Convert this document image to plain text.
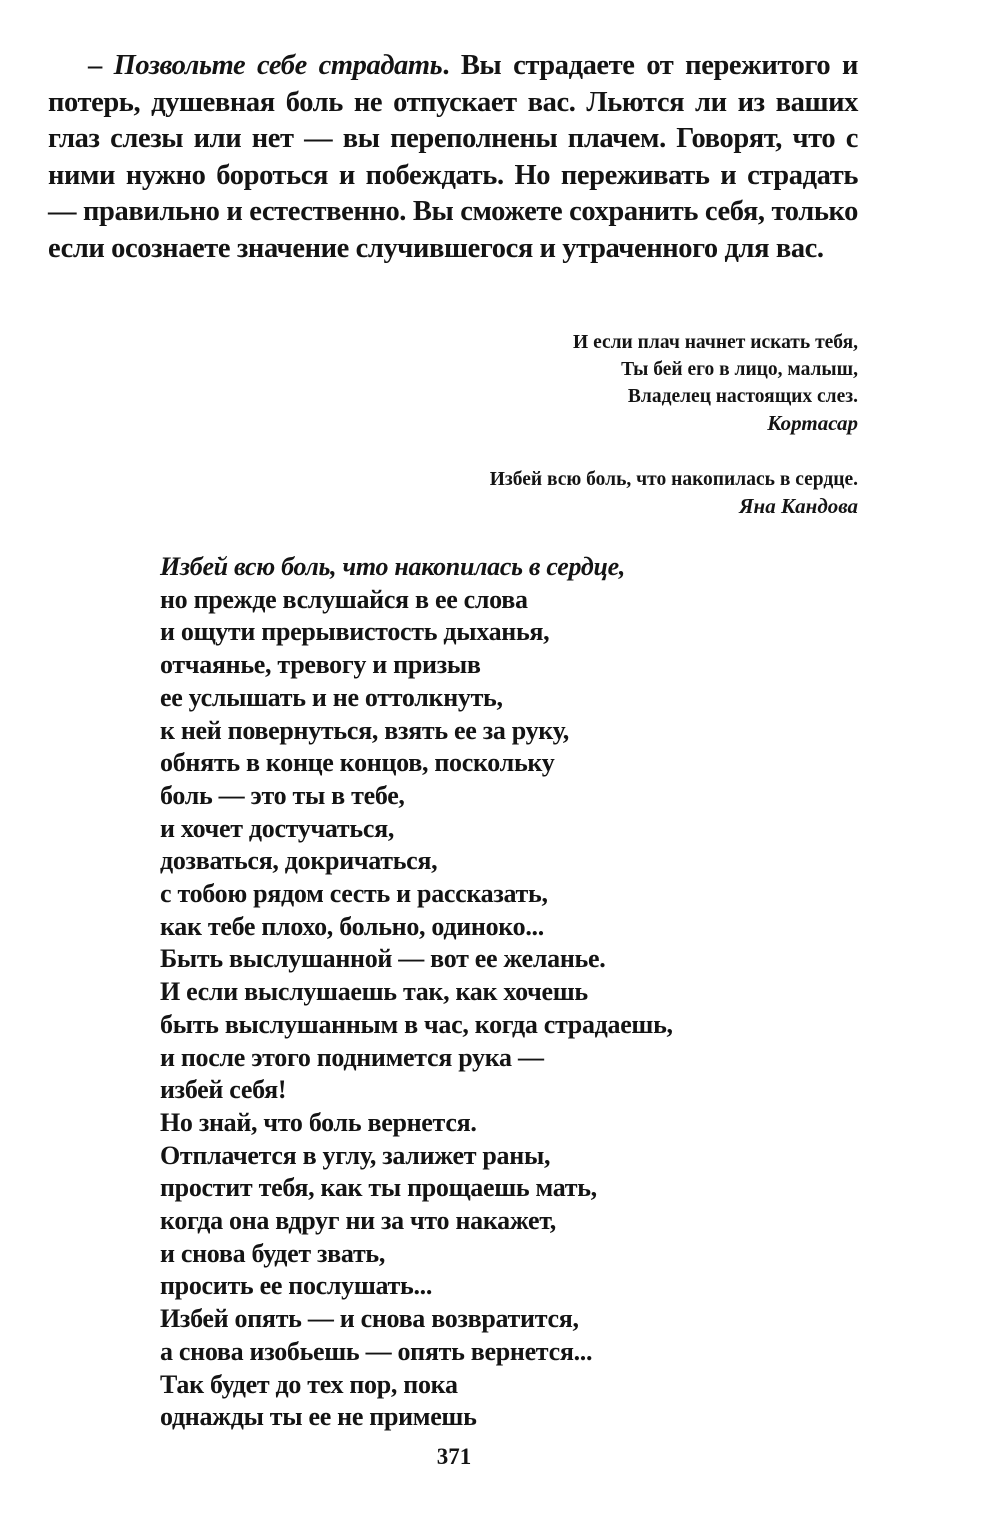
– Позвольте себе страдать. Вы страдаете от пережитого и потерь, душевная боль не отпускает вас. Льются ли из ваших глаз слезы или нет — вы переполнены плачем. Говорят, что с ними нужно бороться и побеждать. Но переживать и страдать — правильно и естественно. Вы сможете сохранить себя, только если осознаете значение случившегося и утраченного для вас.

И если плач начнет искать тебя,
Ты бей его в лицо, малыш,
Владелец настоящих слез.
Кортасар
Избей всю боль, что накопилась в сердце.
Яна Кандова
Избей всю боль, что накопилась в сердце,
но прежде вслушайся в ее слова
и ощути прерывистость дыханья,
отчаянье, тревогу и призыв
ее услышать и не оттолкнуть,
к ней повернуться, взять ее за руку,
обнять в конце концов, поскольку
боль — это ты в тебе,
и хочет достучаться,
дозваться, докричаться,
с тобою рядом сесть и рассказать,
как тебе плохо, больно, одиноко...
Быть выслушанной — вот ее желанье.
И если выслушаешь так, как хочешь
быть выслушанным в час, когда страдаешь,
и после этого поднимется рука —
избей себя!
Но знай, что боль вернется.
Отплачется в углу, залижет раны,
простит тебя, как ты прощаешь мать,
когда она вдруг ни за что накажет,
и снова будет звать,
просить ее послушать...
Избей опять — и снова возвратится,
а снова изобьешь — опять вернется...
Так будет до тех пор, пока
однажды ты ее не примешь
371
